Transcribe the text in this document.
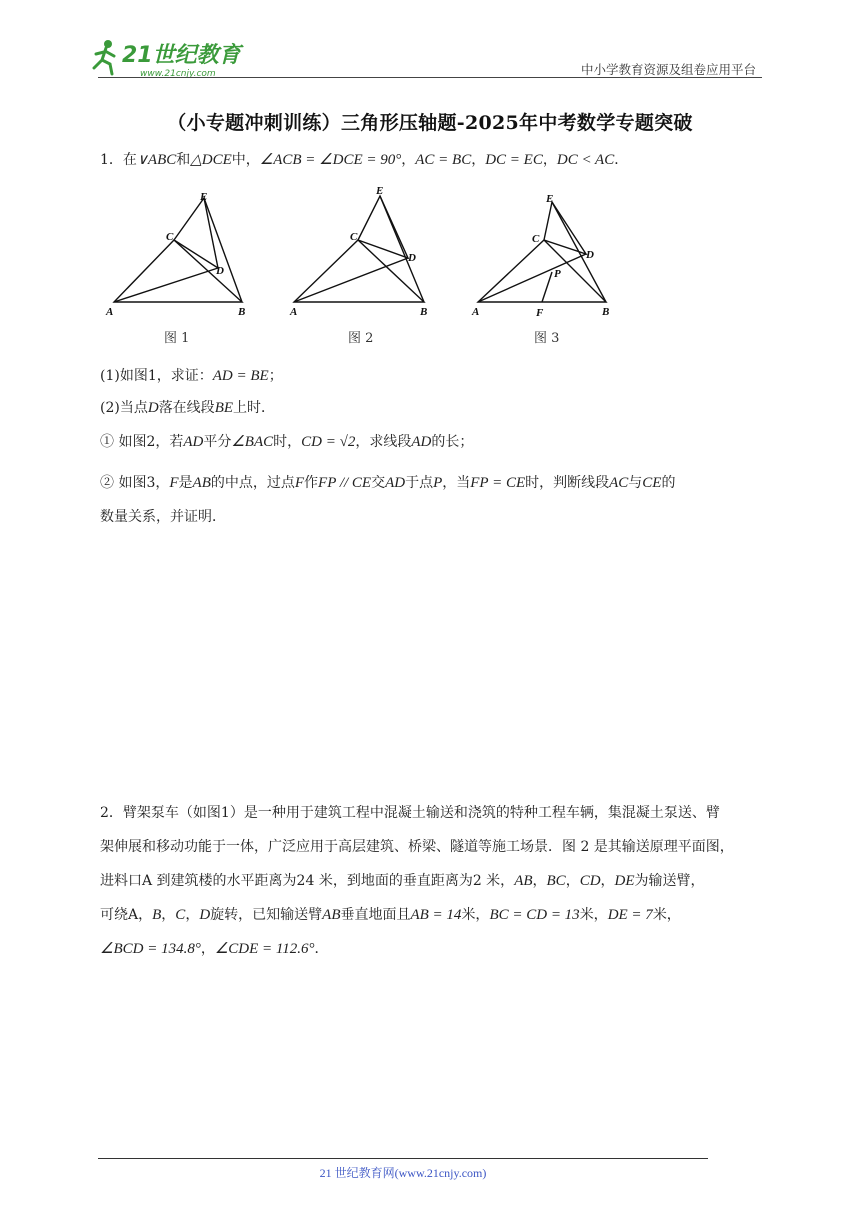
21世纪教育
www.21cnjy.com	中小学教育资源及组卷应用平台
（小专题冲刺训练）三角形压轴题-2025年中考数学专题突破
1．在∨ABC和△DCE中，∠ACB = ∠DCE = 90°，AC = BC，DC = EC，DC < AC．
A	B
C
E
D
A	B
C
E
D
A	B
C
E
D
P
F
图 1	图 2	图 3
(1)如图1，求证：AD = BE；
(2)当点D落在线段BE上时．
① 如图2，若AD平分∠BAC时，CD = √2，求线段AD的长；
② 如图3，F是AB的中点，过点F作FP // CE交AD于点P，当FP = CE时，判断线段AC与CE的
数量关系，并证明．
2．臂架泵车（如图1）是一种用于建筑工程中混凝土输送和浇筑的特种工程车辆，集混凝土泵送、臂
架伸展和移动功能于一体，广泛应用于高层建筑、桥梁、隧道等施工场景．图 2 是其输送原理平面图，
进料口A 到建筑楼的水平距离为24 米，到地面的垂直距离为2 米，AB，BC，CD，DE为输送臂，
可绕A，B，C，D旋转，已知输送臂AB垂直地面且AB = 14米，BC = CD = 13米，DE = 7米，
∠BCD = 134.8°，∠CDE = 112.6°．
21 世纪教育网(www.21cnjy.com)
